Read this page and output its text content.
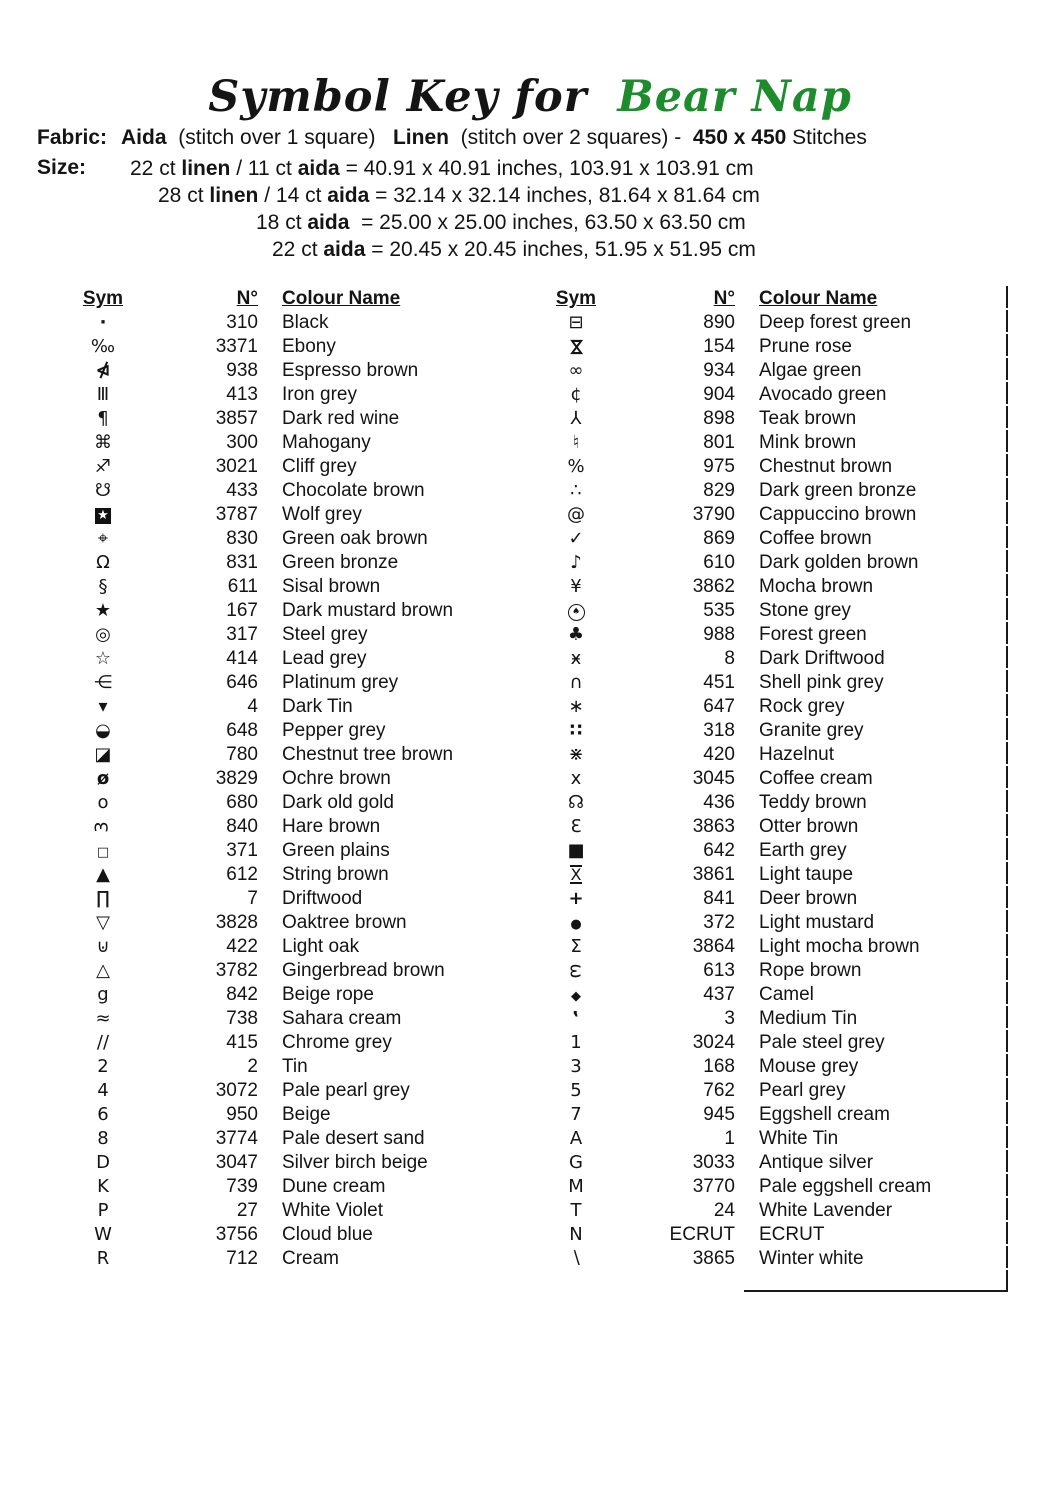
Symbol Key for Bear Nap
Fabric: Aida  (stitch over 1 square)   Linen  (stitch over 2 squares) -  450 x 450 Stitches
Size: 22 ct linen / 11 ct aida = 40.91 x 40.91 inches, 103.91 x 103.91 cm
28 ct linen / 14 ct aida = 32.14 x 32.14 inches, 81.64 x 81.64 cm
18 ct aida  = 25.00 x 25.00 inches, 63.50 x 63.50 cm
22 ct aida = 20.45 x 20.45 inches, 51.95 x 51.95 cm
Sym	N°	Colour Name
·	310	Black
‰	3371	Ebony
⋪	938	Espresso brown
Ⅲ	413	Iron grey
¶	3857	Dark red wine
⌘	300	Mahogany
♐	3021	Cliff grey
☋	433	Chocolate brown
★	3787	Wolf grey
⌖	830	Green oak brown
Ω	831	Green bronze
§	611	Sisal brown
★	167	Dark mustard brown
◎	317	Steel grey
☆	414	Lead grey
⋲	646	Platinum grey
▾	4	Dark Tin
◒	648	Pepper grey
◪	780	Chestnut tree brown
ø	3829	Ochre brown
o	680	Dark old gold
3	840	Hare brown
□	371	Green plains
▲	612	String brown
∏	7	Driftwood
▽	3828	Oaktree brown
⊍	422	Light oak
△	3782	Gingerbread brown
g	842	Beige rope
≈	738	Sahara cream
∕∕	415	Chrome grey
2	2	Tin
4	3072	Pale pearl grey
6	950	Beige
8	3774	Pale desert sand
D	3047	Silver birch beige
K	739	Dune cream
P	27	White Violet
W	3756	Cloud blue
R	712	Cream
Sym	N°	Colour Name
⊟	890	Deep forest green
⋈	154	Prune rose
∞	934	Algae green
¢	904	Avocado green
⅄	898	Teak brown
♮	801	Mink brown
%	975	Chestnut brown
∴	829	Dark green bronze
@	3790	Cappuccino brown
✓	869	Coffee brown
♪	610	Dark golden brown
¥	3862	Mocha brown
♠	535	Stone grey
♣	988	Forest green
ӿ	8	Dark Driftwood
∩	451	Shell pink grey
∗	647	Rock grey
∷	318	Granite grey
⋇	420	Hazelnut
x	3045	Coffee cream
☊	436	Teddy brown
Ɛ	3863	Otter brown
■	642	Earth grey
Χ	3861	Light taupe
+	841	Deer brown
●	372	Light mustard
Σ	3864	Light mocha brown
ω	613	Rope brown
◆	437	Camel
‛	3	Medium Tin
1	3024	Pale steel grey
3	168	Mouse grey
5	762	Pearl grey
7	945	Eggshell cream
A	1	White Tin
G	3033	Antique silver
M	3770	Pale eggshell cream
T	24	White Lavender
N	ECRUT	ECRUT
∖	3865	Winter white
